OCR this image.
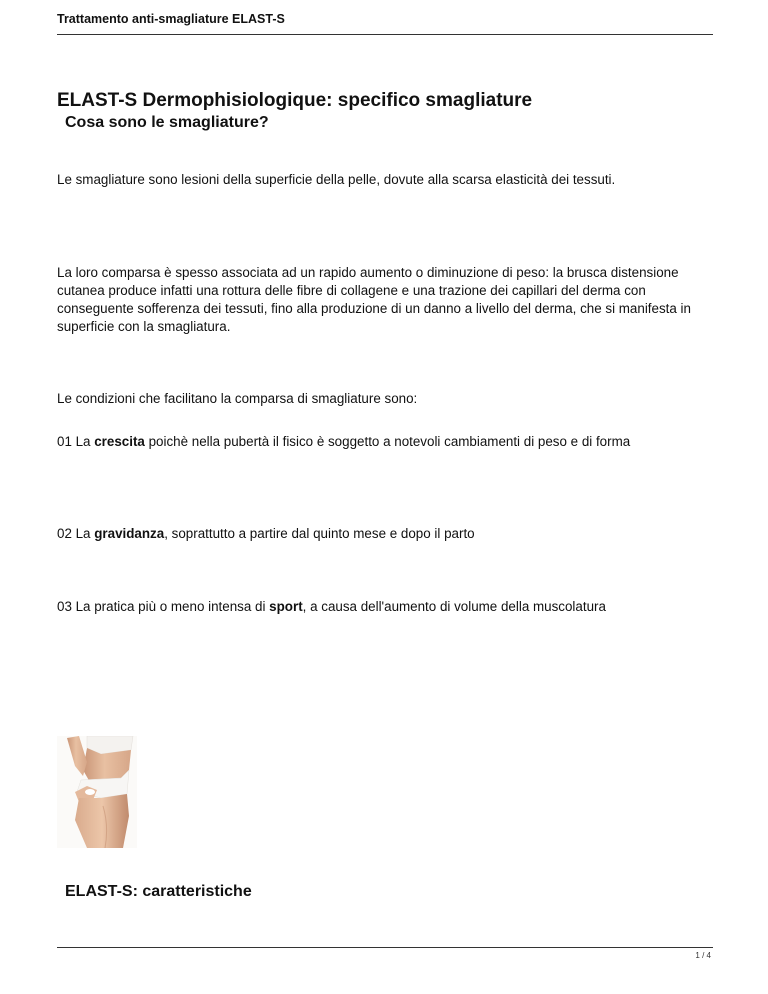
Trattamento anti-smagliature ELAST-S
ELAST-S Dermophisiologique: specifico smagliature
Cosa sono le smagliature?

Le smagliature sono lesioni della superficie della pelle, dovute alla scarsa elasticità dei tessuti.

La loro comparsa è spesso associata ad un rapido aumento o diminuzione di peso: la brusca distensione cutanea produce infatti una rottura delle fibre di collagene e una trazione dei capillari del derma con conseguente sofferenza dei tessuti, fino alla produzione di un danno a livello del derma, che si manifesta in superficie con la smagliatura.

Le condizioni che facilitano la comparsa di smagliature sono:

01 La crescita poichè nella pubertà il fisico è soggetto a notevoli cambiamenti di peso e di forma

02 La gravidanza, soprattutto a partire dal quinto mese e dopo il parto

03 La pratica più o meno intensa di sport, a causa dell'aumento di volume della muscolatura

ELAST-S: caratteristiche
1 / 4
